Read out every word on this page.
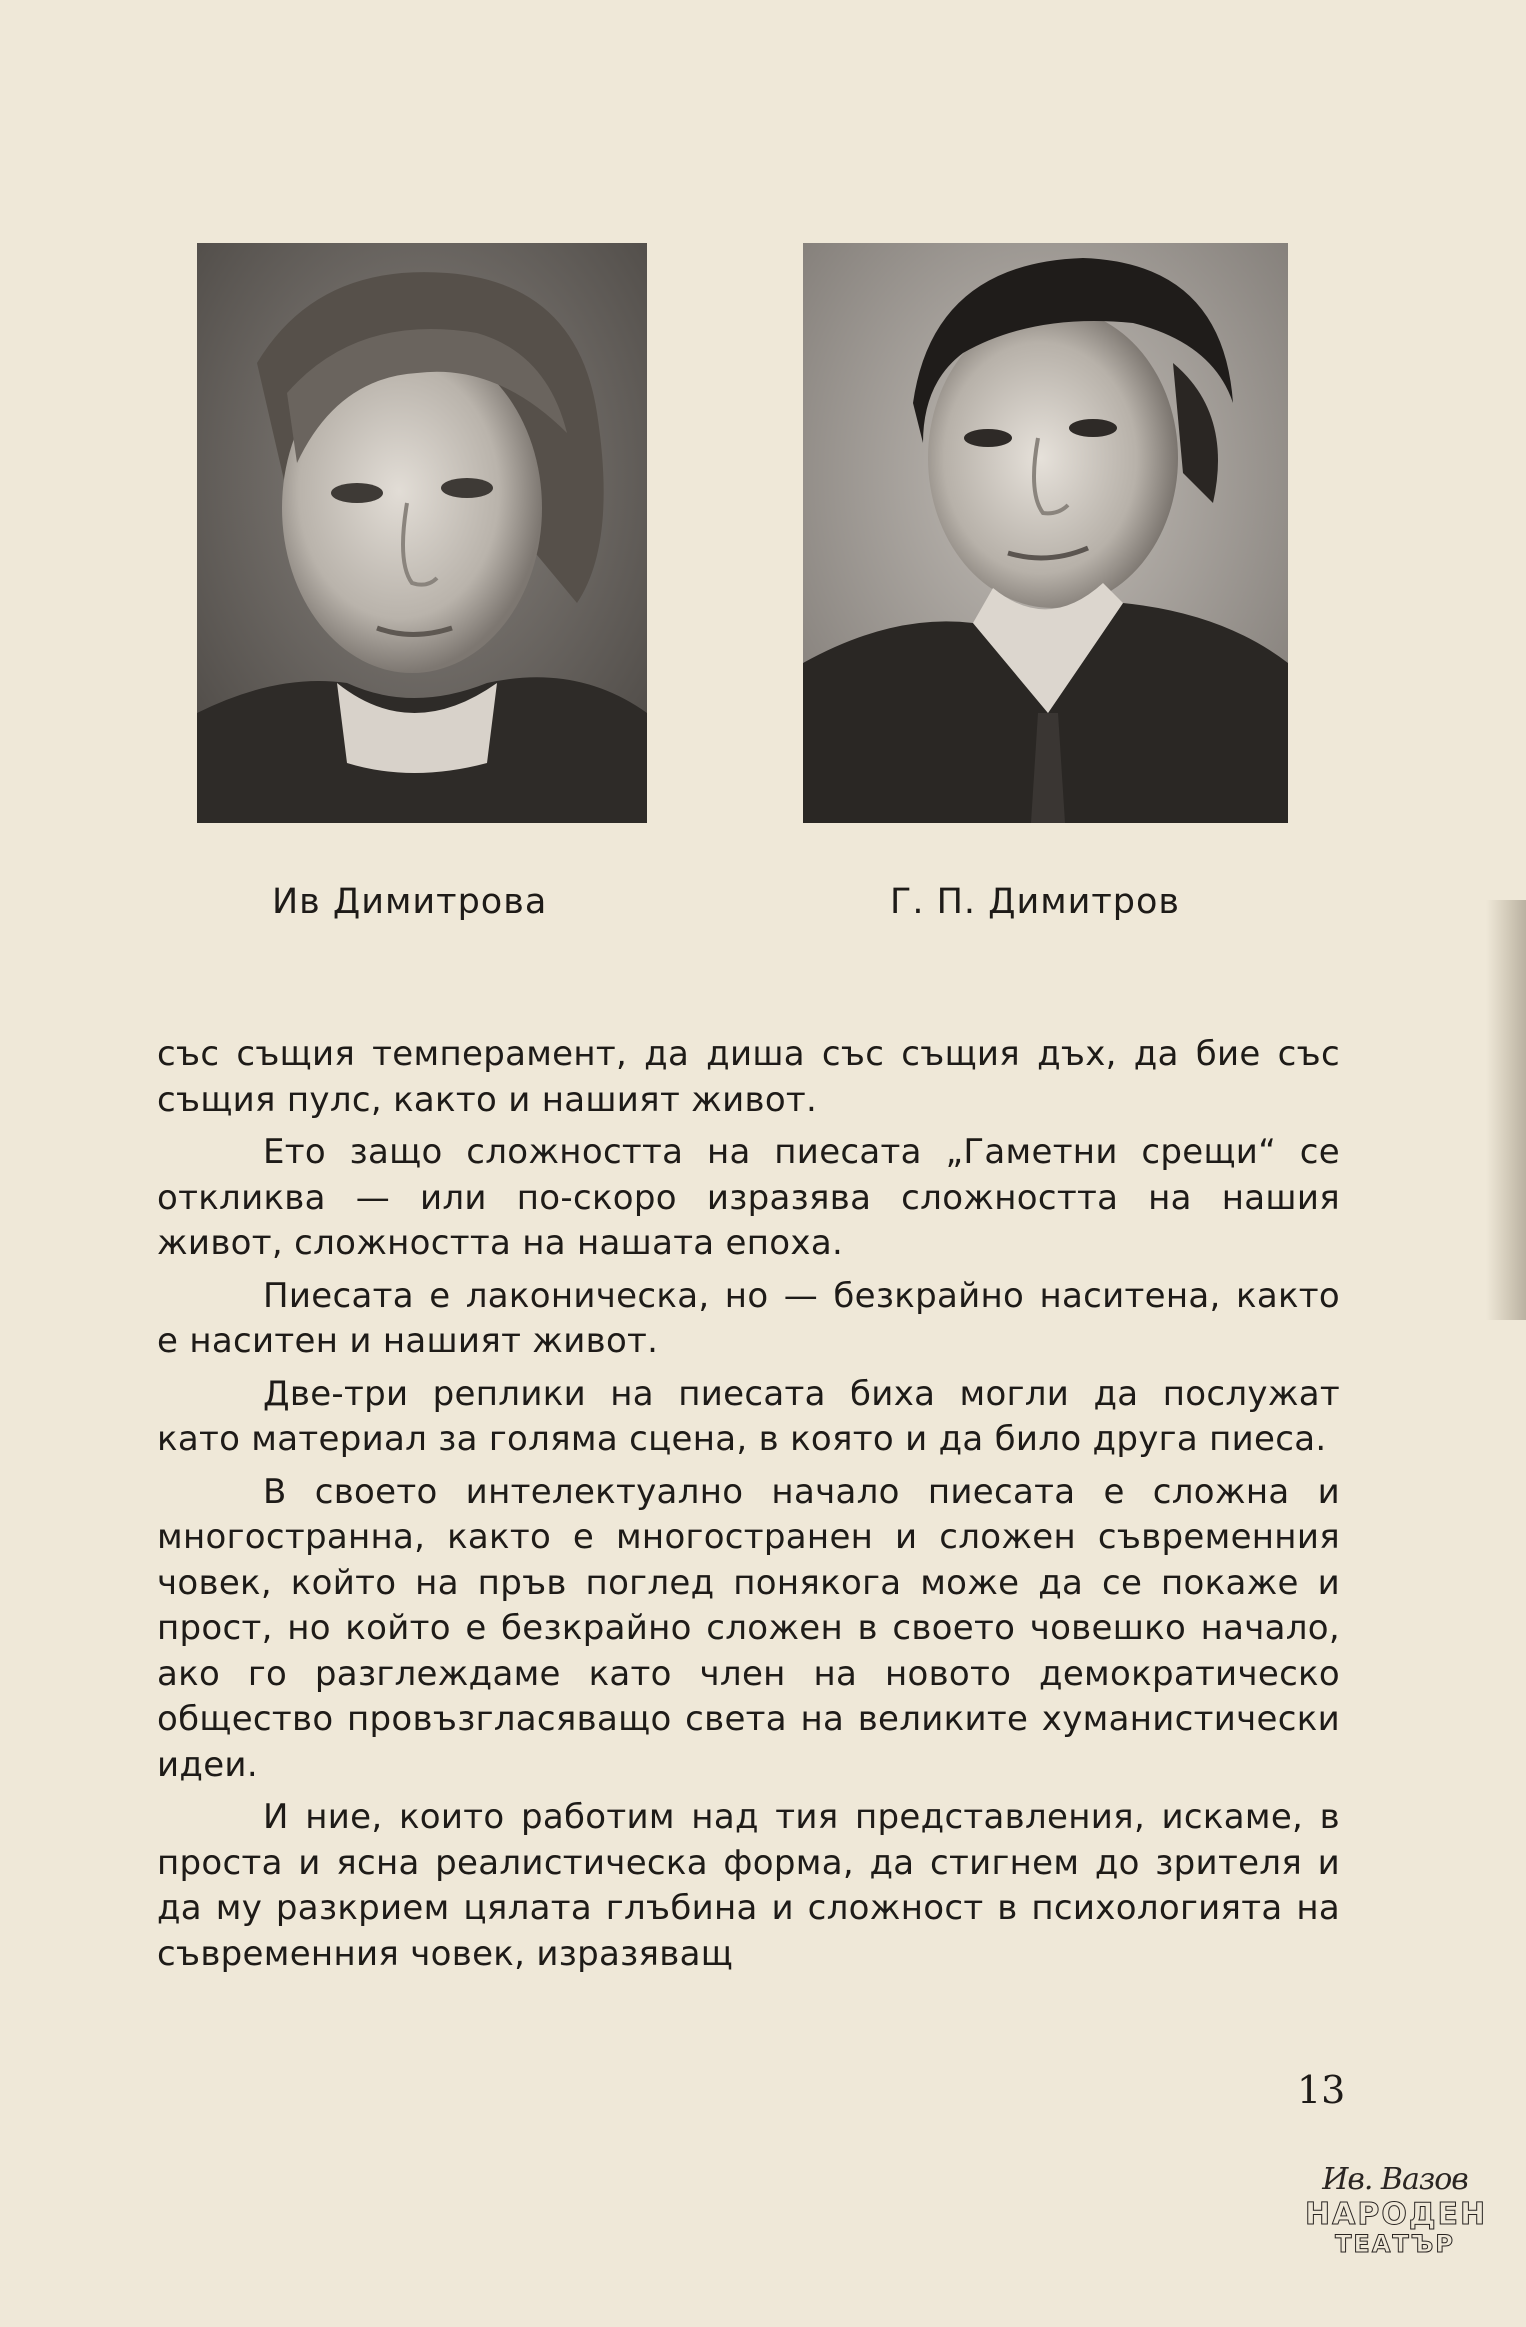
Ив Димитрова	Г. П. Димитров

със същия темперамент, да диша със същия дъх, да бие със същия пулс, както и нашият живот.

Ето защо сложността на пиесата „Гаметни срещи“ се откликва — или по-скоро изразява сложността на нашия живот, сложността на нашата епоха.

Пиесата е лаконическа, но — безкрайно наситена, както е наситен и нашият живот.

Две-три реплики на пиесата биха могли да послужат като материал за голяма сцена, в която и да било друга пиеса.

В своето интелектуално начало пиесата е сложна и многостранна, както е многостранен и сложен съвременния човек, който на пръв поглед понякога може да се покаже и прост, но който е безкрайно сложен в своето човешко начало, ако го разглеждаме като член на новото демократическо общество провъзгласяващо света на великите хуманистически идеи.

И ние, които работим над тия представления, искаме, в проста и ясна реалистическа форма, да стигнем до зрителя и да му разкрием цялата глъбина и сложност в психологията на съвременния човек, изразяващ

13
Ив. Вазов
НАРОДЕН
ТЕАТЪР
